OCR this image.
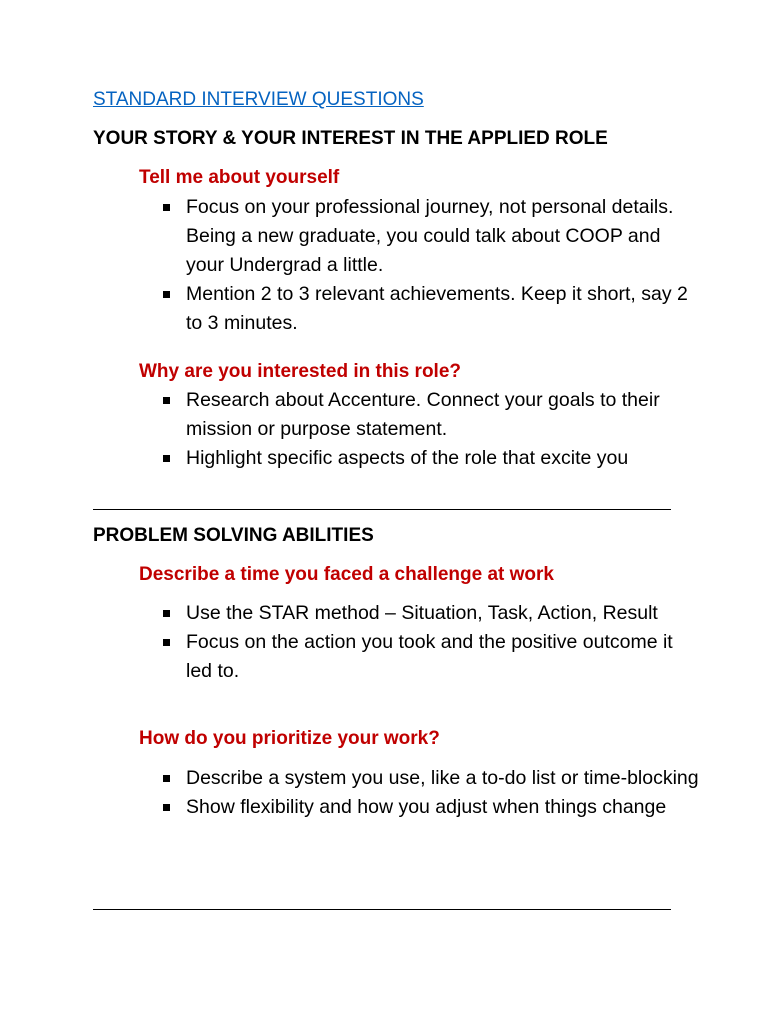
STANDARD INTERVIEW QUESTIONS
YOUR STORY & YOUR INTEREST IN THE APPLIED ROLE
Tell me about yourself
Focus on your professional journey, not personal details. Being a new graduate, you could talk about COOP and your Undergrad a little.
Mention 2 to 3 relevant achievements. Keep it short, say 2 to 3 minutes.
Why are you interested in this role?
Research about Accenture. Connect your goals to their mission or purpose statement.
Highlight specific aspects of the role that excite you
PROBLEM SOLVING ABILITIES
Describe a time you faced a challenge at work
Use the STAR method – Situation, Task, Action, Result
Focus on the action you took and the positive outcome it led to.
How do you prioritize your work?
Describe a system you use, like a to-do list or time-blocking
Show flexibility and how you adjust when things change
